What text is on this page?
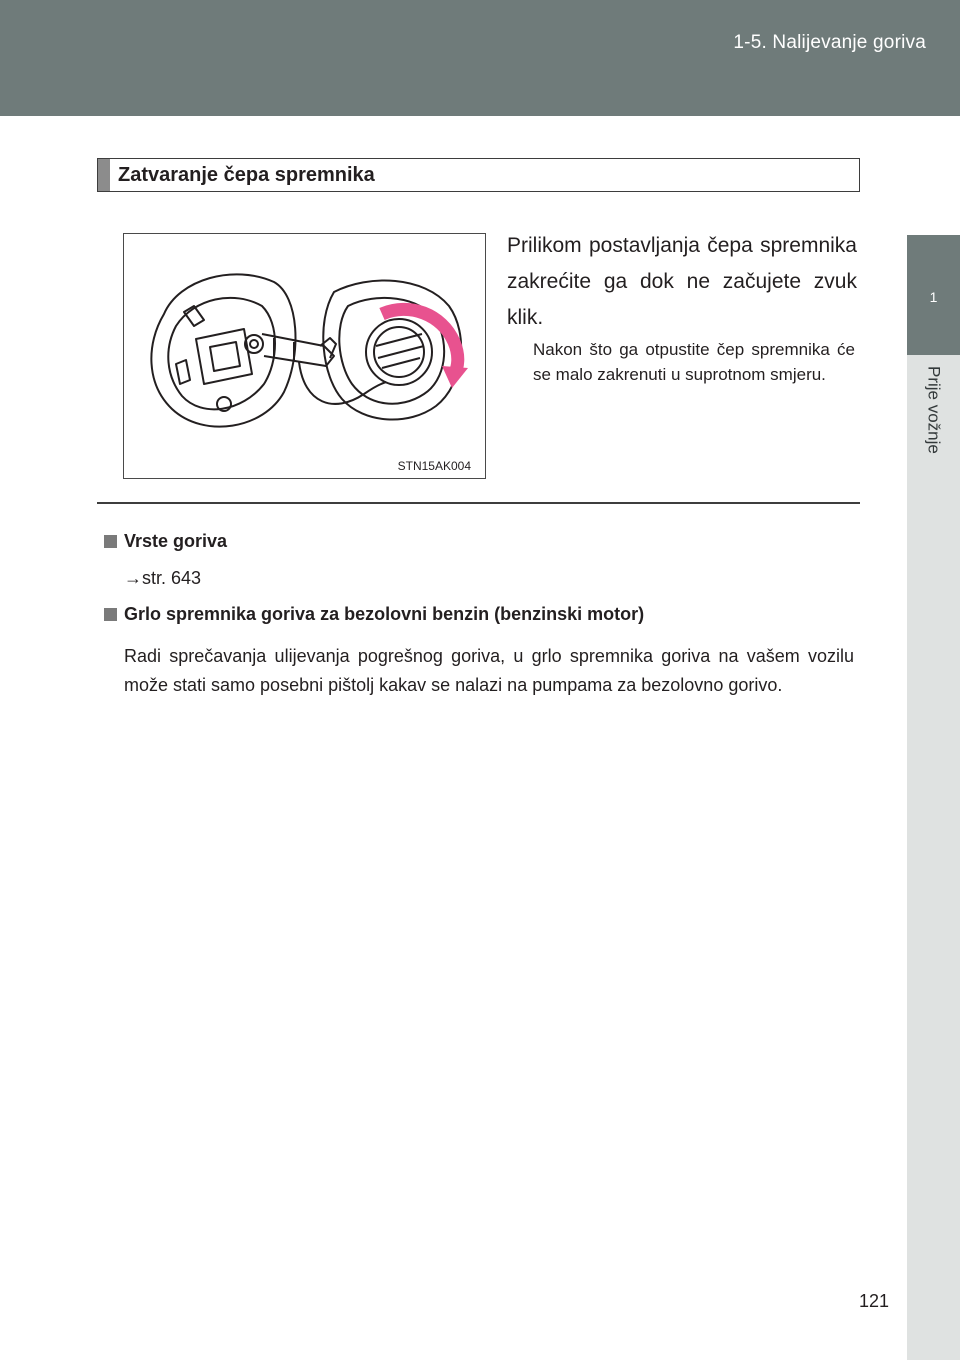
1-5. Nalijevanje goriva
1
Prije vožnje
Zatvaranje čepa spremnika
STN15AK004
Prilikom postavljanja čepa spremnika zakrećite ga dok ne začujete zvuk klik.
Nakon što ga otpustite čep spremnika će se malo zakrenuti u suprotnom smjeru.
Vrste goriva
→str. 643
Grlo spremnika goriva za bezolovni benzin (benzinski motor)
Radi sprečavanja ulijevanja pogrešnog goriva, u grlo spremnika goriva na vašem vozilu može stati samo posebni pištolj kakav se nalazi na pumpama za bezolovno gorivo.
121
